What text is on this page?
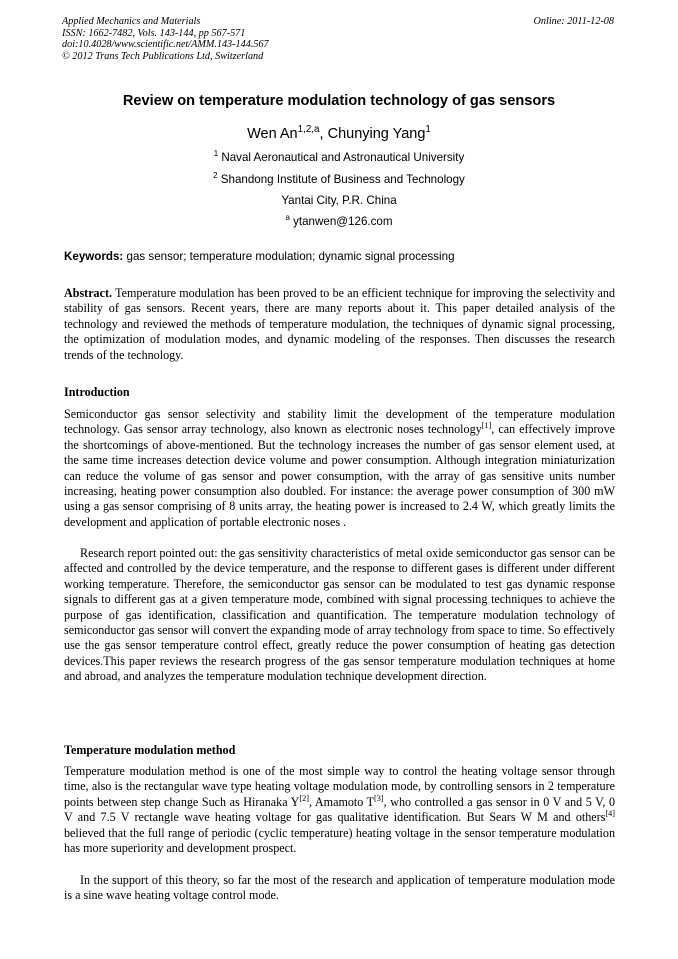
Applied Mechanics and Materials
ISSN: 1662-7482, Vols. 143-144, pp 567-571
doi:10.4028/www.scientific.net/AMM.143-144.567
© 2012 Trans Tech Publications Ltd, Switzerland
Online: 2011-12-08
Review on temperature modulation technology of gas sensors
Wen An$^{1,2,a}$, Chunying Yang$^1$
$^1$ Naval Aeronautical and Astronautical University
$^2$ Shandong Institute of Business and Technology
Yantai City, P.R. China
$^a$ ytanwen@126.com
Keywords: gas sensor; temperature modulation; dynamic signal processing
Abstract. Temperature modulation has been proved to be an efficient technique for improving the selectivity and stability of gas sensors. Recent years, there are many reports about it. This paper detailed analysis of the technology and reviewed the methods of temperature modulation, the techniques of dynamic signal processing, the optimization of modulation modes, and dynamic modeling of the responses. Then discusses the research trends of the technology.
Introduction
Semiconductor gas sensor selectivity and stability limit the development of the temperature modulation technology. Gas sensor array technology, also known as electronic noses technology[1], can effectively improve the shortcomings of above-mentioned. But the technology increases the number of gas sensor element used, at the same time increases detection device volume and power consumption. Although integration miniaturization can reduce the volume of gas sensor and power consumption, with the array of gas sensitive units number increasing, heating power consumption also doubled. For instance: the average power consumption of 300 mW using a gas sensor comprising of 8 units array, the heating power is increased to 2.4 W, which greatly limits the development and application of portable electronic noses .
Research report pointed out: the gas sensitivity characteristics of metal oxide semiconductor gas sensor can be affected and controlled by the device temperature, and the response to different gases is different under different working temperature. Therefore, the semiconductor gas sensor can be modulated to test gas dynamic response signals to different gas at a given temperature mode, combined with signal processing techniques to achieve the purpose of gas identification, classification and quantification. The temperature modulation technology of semiconductor gas sensor will convert the expanding mode of array technology from space to time. So effectively use the gas sensor temperature control effect, greatly reduce the power consumption of heating gas detection devices.This paper reviews the research progress of the gas sensor temperature modulation techniques at home and abroad, and analyzes the temperature modulation technique development direction.
Temperature modulation method
Temperature modulation method is one of the most simple way to control the heating voltage sensor through time, also is the rectangular wave type heating voltage modulation mode, by controlling sensors in 2 temperature points between step change Such as Hiranaka Y[2], Amamoto T[3], who controlled a gas sensor in 0 V and 5 V, 0 V and 7.5 V rectangle wave heating voltage for gas qualitative identification. But Sears W M and others[4] believed that the full range of periodic (cyclic temperature) heating voltage in the sensor temperature modulation has more superiority and development prospect.
In the support of this theory, so far the most of the research and application of temperature modulation mode is a sine wave heating voltage control mode.
